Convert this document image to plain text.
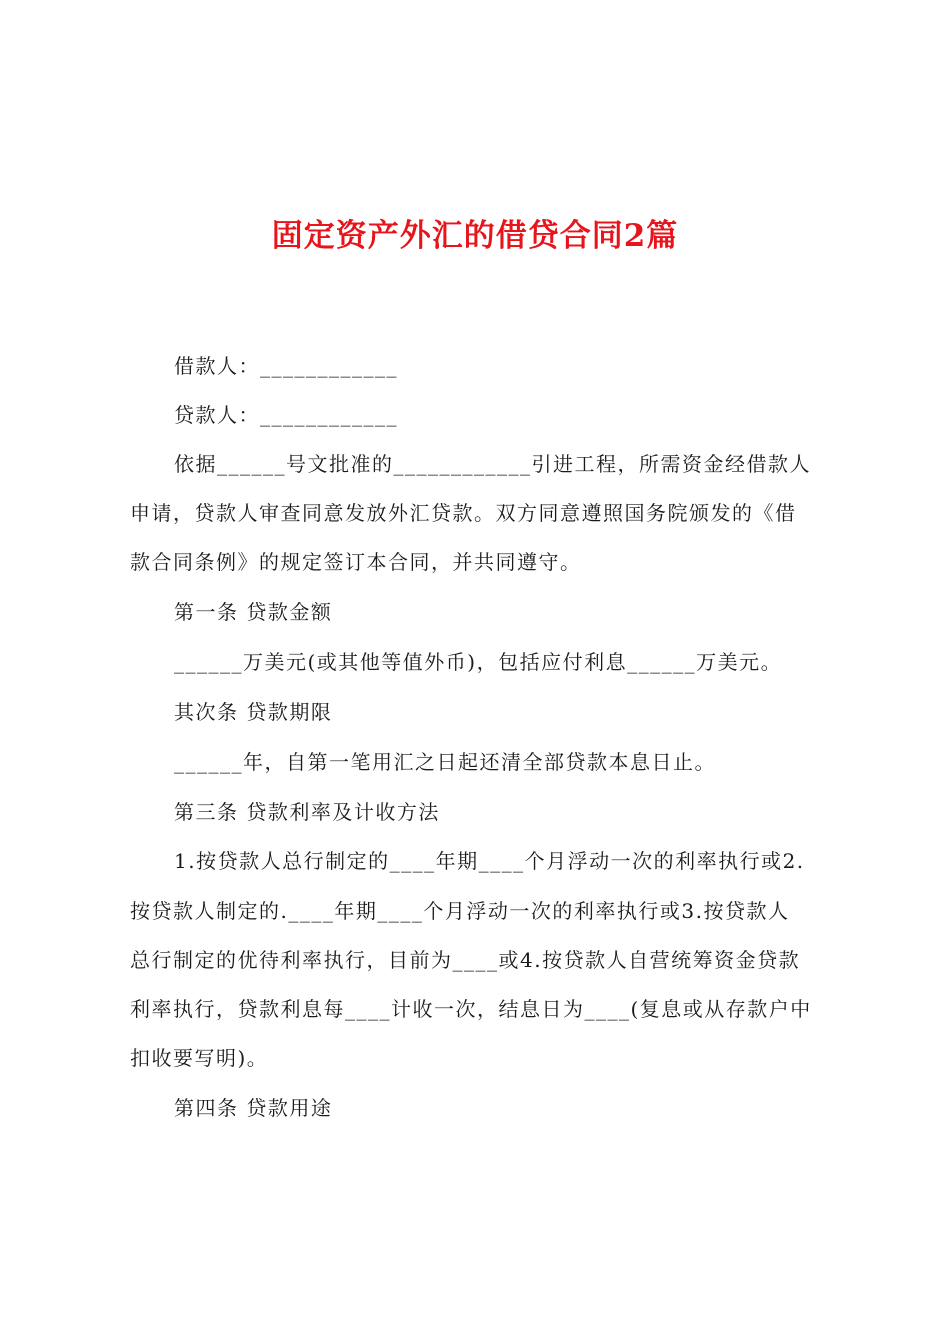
固定资产外汇的借贷合同2篇
借款人：____________
贷款人：____________
依据______号文批准的____________引进工程，所需资金经借款人
申请，贷款人审查同意发放外汇贷款。双方同意遵照国务院颁发的《借
款合同条例》的规定签订本合同，并共同遵守。
第一条 贷款金额
______万美元(或其他等值外币)，包括应付利息______万美元。
其次条 贷款期限
______年，自第一笔用汇之日起还清全部贷款本息日止。
第三条 贷款利率及计收方法
1.按贷款人总行制定的____年期____个月浮动一次的利率执行或2.
按贷款人制定的.____年期____个月浮动一次的利率执行或3.按贷款人
总行制定的优待利率执行，目前为____或4.按贷款人自营统筹资金贷款
利率执行，贷款利息每____计收一次，结息日为____(复息或从存款户中
扣收要写明)。
第四条 贷款用途
